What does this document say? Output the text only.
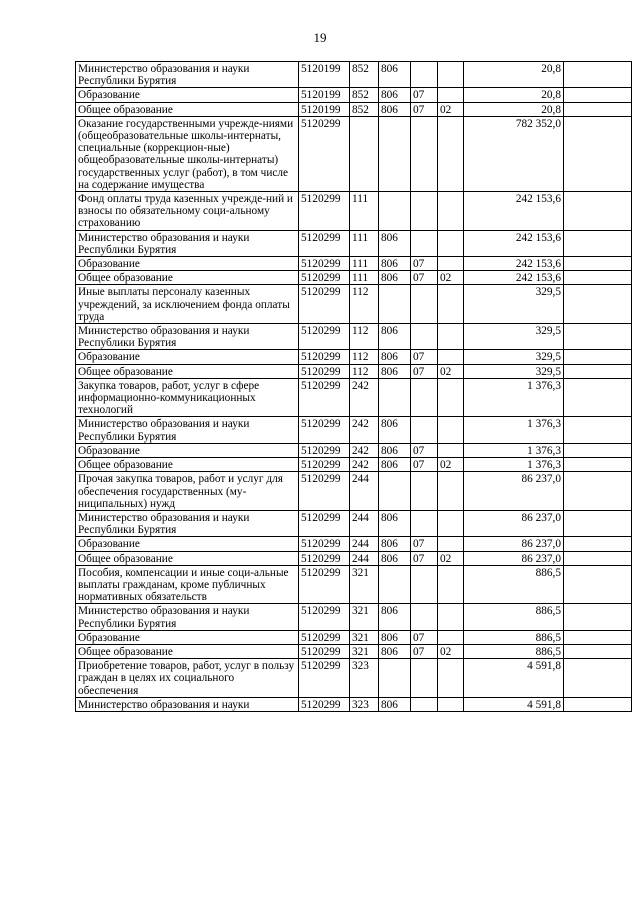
19
Министерство образования и науки Республики Бурятия	5120199	852	806			20,8	
Образование	5120199	852	806	07		20,8	
Общее образование	5120199	852	806	07	02	20,8	
Оказание государственными учрежде-ниями (общеобразовательные школы-интернаты, специальные (коррекцион-ные) общеобразовательные школы-интернаты) государственных услуг (работ), в том числе на содержание имущества	5120299					782 352,0	
Фонд оплаты труда казенных учрежде-ний и взносы по обязательному соци-альному страхованию	5120299	111				242 153,6	
Министерство образования и науки Республики Бурятия	5120299	111	806			242 153,6	
Образование	5120299	111	806	07		242 153,6	
Общее образование	5120299	111	806	07	02	242 153,6	
Иные выплаты персоналу казенных учреждений, за исключением фонда оплаты труда	5120299	112				329,5	
Министерство образования и науки Республики Бурятия	5120299	112	806			329,5	
Образование	5120299	112	806	07		329,5	
Общее образование	5120299	112	806	07	02	329,5	
Закупка товаров, работ, услуг в сфере информационно-коммуникационных технологий	5120299	242				1 376,3	
Министерство образования и науки Республики Бурятия	5120299	242	806			1 376,3	
Образование	5120299	242	806	07		1 376,3	
Общее образование	5120299	242	806	07	02	1 376,3	
Прочая закупка товаров, работ и услуг для обеспечения государственных (му-ниципальных) нужд	5120299	244				86 237,0	
Министерство образования и науки Республики Бурятия	5120299	244	806			86 237,0	
Образование	5120299	244	806	07		86 237,0	
Общее образование	5120299	244	806	07	02	86 237,0	
Пособия, компенсации и иные соци-альные выплаты гражданам, кроме публичных нормативных обязательств	5120299	321				886,5	
Министерство образования и науки Республики Бурятия	5120299	321	806			886,5	
Образование	5120299	321	806	07		886,5	
Общее образование	5120299	321	806	07	02	886,5	
Приобретение товаров, работ, услуг в пользу граждан в целях их социального обеспечения	5120299	323				4 591,8	
Министерство образования и науки	5120299	323	806			4 591,8	
